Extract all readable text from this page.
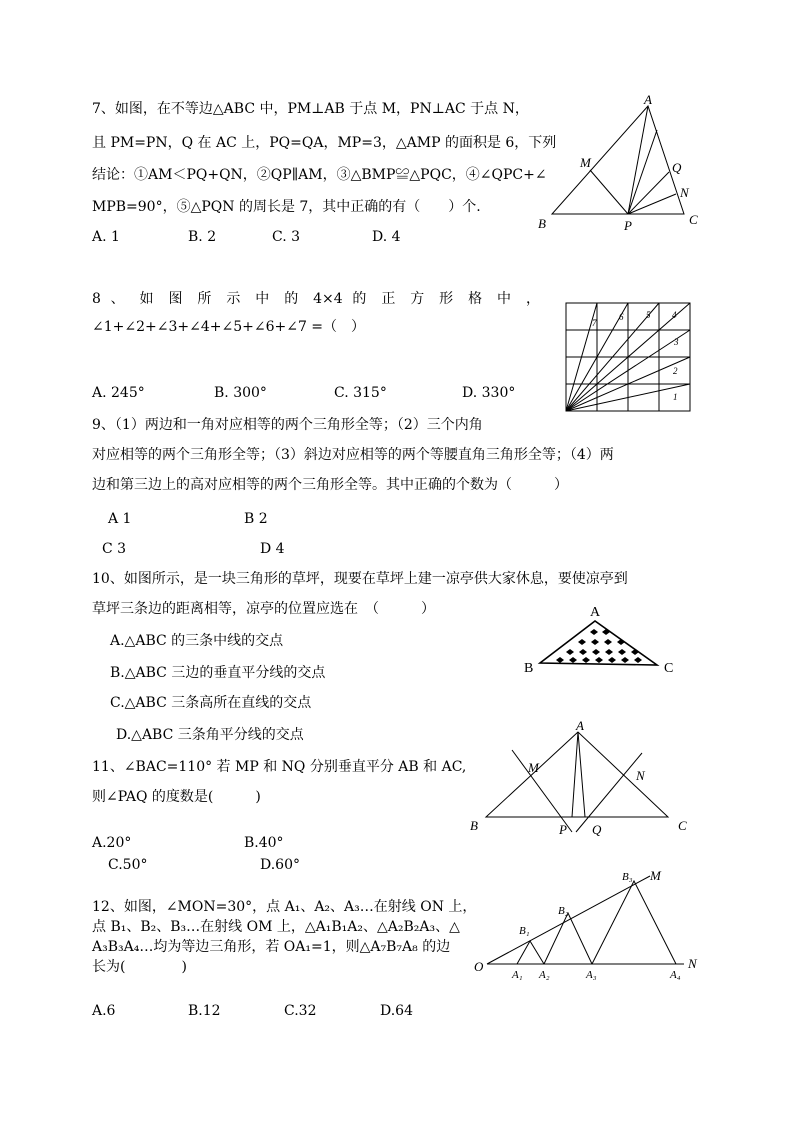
7、如图，在不等边△ABC 中，PM⊥AB 于点 M，PN⊥AC 于点 N，
且 PM=PN，Q 在 AC 上，PQ=QA，MP=3，△AMP 的面积是 6，下列
结论：①AM＜PQ+QN，②QP∥AM，③△BMP≌△PQC，④∠QPC+∠
MPB=90°，⑤△PQN 的周长是 7，其中正确的有（　　）个.
A. 1	B. 2	C. 3	D. 4
A
B	C
M	Q
N
P
8 、 如 图 所 示 中 的 4×4 的 正 方 形 格 中 ，
∠1+∠2+∠3+∠4+∠5+∠6+∠7 =（　）
A. 245°	B. 300°	C. 315°	D. 330°	1
2
3
4
5
6
7
9、（1）两边和一角对应相等的两个三角形全等；（2）三个内角
对应相等的两个三角形全等；（3）斜边对应相等的两个等腰直角三角形全等；（4）两
边和第三边上的高对应相等的两个三角形全等。其中正确的个数为（　　　）
A 1	B 2
C 3	D 4
10、如图所示，是一块三角形的草坪，现要在草坪上建一凉亭供大家休息，要使凉亭到
草坪三条边的距离相等，凉亭的位置应选在　（　　　）
A.△ABC 的三条中线的交点
B.△ABC 三边的垂直平分线的交点
C.△ABC 三条高所在直线的交点
D.△ABC 三条角平分线的交点
A
B	C
11、∠BAC=110° 若 MP 和 NQ 分别垂直平分 AB 和 AC,
则∠PAQ 的度数是(　　　)
A.20°	B.40°
C.50°	D.60°
A
B	C
M
N
P Q
12、如图，∠MON=30°，点 A₁、A₂、A₃…在射线 ON 上，
点 B₁、B₂、B₃…在射线 OM 上，△A₁B₁A₂、△A₂B₂A₃、△
A₃B₃A₄…均为等边三角形，若 OA₁=1，则△A₇B₇A₈ 的边
长为(　　　　)
A.6	B.12	C.32	D.64
O
M
N
A₁ A₂	A₃	A₄
B₁
B₂
B₃
